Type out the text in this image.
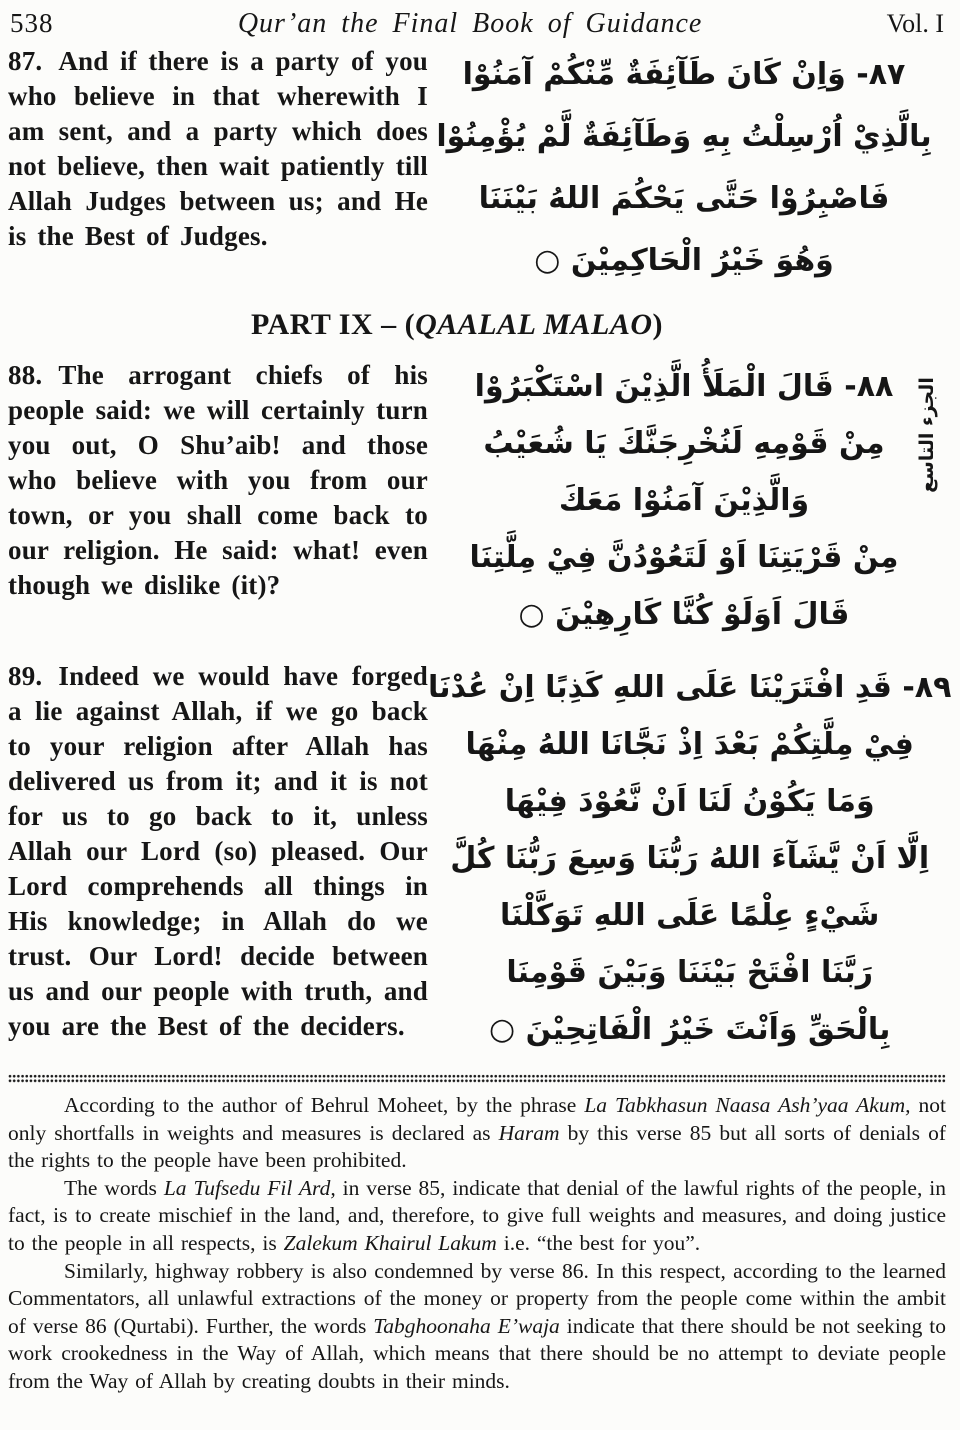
538	Qur’an the Final Book of Guidance	Vol. I

87. And if there is a party of you who believe in that wherewith I am sent, and a party which does not believe, then wait patiently till Allah Judges between us; and He is the Best of Judges.

٨٧- وَاِنْ كَانَ طَآئِفَةٌ مِّنْكُمْ آمَنُوْا
بِالَّذِيْ اُرْسِلْتُ بِهِ وَطَآئِفَةٌ لَّمْ يُؤْمِنُوْا
فَاصْبِرُوْا حَتَّى يَحْكُمَ اللهُ بَيْنَنَا
وَهُوَ خَيْرُ الْحَاكِمِيْنَ ○
PART IX – (QAALAL MALAO)

88. The arrogant chiefs of his people said: we will certainly turn you out, O Shu’aib! and those who believe with you from our town, or you shall come back to our religion. He said: what! even though we dislike (it)?

٨٨- قَالَ الْمَلَأُ الَّذِيْنَ اسْتَكْبَرُوْا
مِنْ قَوْمِهِ لَنُخْرِجَنَّكَ يَا شُعَيْبُ
وَالَّذِيْنَ آمَنُوْا مَعَكَ
مِنْ قَرْيَتِنَا اَوْ لَتَعُوْدُنَّ فِيْ مِلَّتِنَا
قَالَ اَوَلَوْ كُنَّا كَارِهِيْنَ ○

89. Indeed we would have forged a lie against Allah, if we go back to your religion after Allah has delivered us from it; and it is not for us to go back to it, unless Allah our Lord (so) pleased. Our Lord comprehends all things in His knowledge; in Allah do we trust. Our Lord! decide between us and our people with truth, and you are the Best of the deciders.

٨٩- قَدِ افْتَرَيْنَا عَلَى اللهِ كَذِبًا اِنْ عُدْنَا
فِيْ مِلَّتِكُمْ بَعْدَ اِذْ نَجَّانَا اللهُ مِنْهَا
وَمَا يَكُوْنُ لَنَا اَنْ نَّعُوْدَ فِيْهَا
اِلَّا اَنْ يَّشَآءَ اللهُ رَبُّنَا وَسِعَ رَبُّنَا كُلَّ
شَيْءٍ عِلْمًا عَلَى اللهِ تَوَكَّلْنَا
رَبَّنَا افْتَحْ بَيْنَنَا وَبَيْنَ قَوْمِنَا
بِالْحَقِّ وَاَنْتَ خَيْرُ الْفَاتِحِيْنَ ○
الجزء التاسع

According to the author of Behrul Moheet, by the phrase La Tabkhasun Naasa Ash’yaa Akum, not only shortfalls in weights and measures is declared as Haram by this verse 85 but all sorts of denials of the rights to the people have been prohibited.

The words La Tufsedu Fil Ard, in verse 85, indicate that denial of the lawful rights of the people, in fact, is to create mischief in the land, and, therefore, to give full weights and measures, and doing justice to the people in all respects, is Zalekum Khairul Lakum i.e. “the best for you”.

Similarly, highway robbery is also condemned by verse 86. In this respect, according to the learned Commentators, all unlawful extractions of the money or property from the people come within the ambit of verse 86 (Qurtabi). Further, the words Tabghoonaha E’waja indicate that there should be not seeking to work crookedness in the Way of Allah, which means that there should be no attempt to deviate people from the Way of Allah by creating doubts in their minds.
